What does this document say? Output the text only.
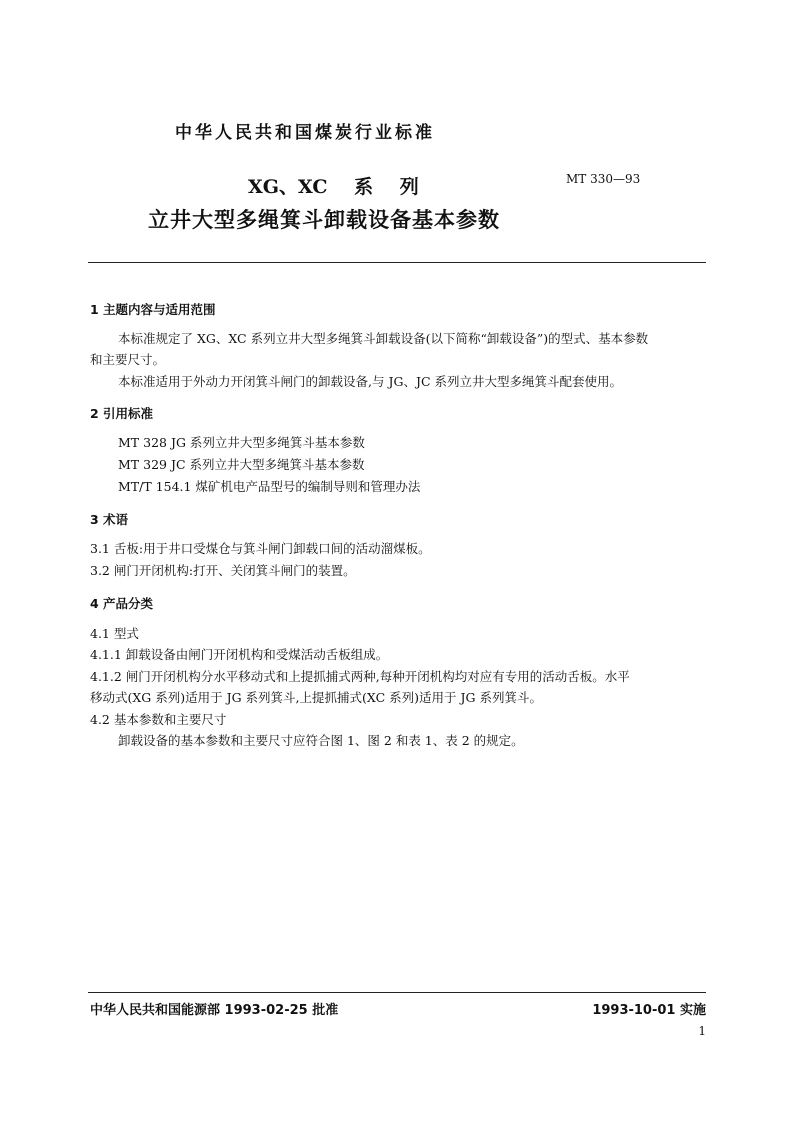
中华人民共和国煤炭行业标准
XG、XC 系 列
立井大型多绳箕斗卸载设备基本参数
MT 330—93
1 主题内容与适用范围
本标准规定了 XG、XC 系列立井大型多绳箕斗卸载设备(以下简称“卸载设备”)的型式、基本参数
和主要尺寸。
本标准适用于外动力开闭箕斗闸门的卸载设备,与 JG、JC 系列立井大型多绳箕斗配套使用。
2 引用标准
MT 328 JG 系列立井大型多绳箕斗基本参数
MT 329 JC 系列立井大型多绳箕斗基本参数
MT/T 154.1 煤矿机电产品型号的编制导则和管理办法
3 术语
3.1 舌板:用于井口受煤仓与箕斗闸门卸载口间的活动溜煤板。
3.2 闸门开闭机构:打开、关闭箕斗闸门的装置。
4 产品分类
4.1 型式
4.1.1 卸载设备由闸门开闭机构和受煤活动舌板组成。
4.1.2 闸门开闭机构分水平移动式和上提抓捕式两种,每种开闭机构均对应有专用的活动舌板。水平
移动式(XG 系列)适用于 JG 系列箕斗,上提抓捕式(XC 系列)适用于 JG 系列箕斗。
4.2 基本参数和主要尺寸
卸载设备的基本参数和主要尺寸应符合图 1、图 2 和表 1、表 2 的规定。
中华人民共和国能源部 1993-02-25 批准	1993-10-01 实施
1
